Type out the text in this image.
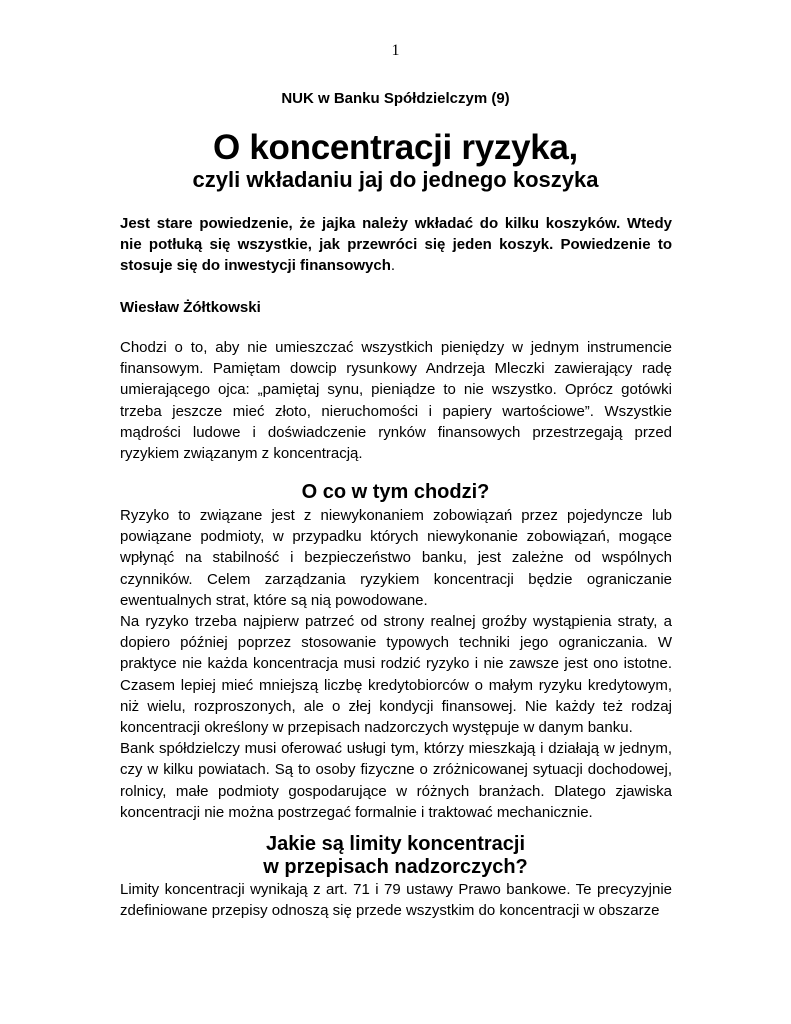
1
NUK w Banku Spółdzielczym (9)
O koncentracji ryzyka,
czyli wkładaniu jaj do jednego koszyka

Jest stare powiedzenie, że jajka należy wkładać do kilku koszyków. Wtedy nie potłuką się wszystkie, jak przewróci się jeden koszyk. Powiedzenie to stosuje się do inwestycji finansowych.

Wiesław Żółtkowski

Chodzi o to, aby nie umieszczać wszystkich pieniędzy w jednym instrumencie finansowym. Pamiętam dowcip rysunkowy Andrzeja Mleczki zawierający radę umierającego ojca: „pamiętaj synu, pieniądze to nie wszystko. Oprócz gotówki trzeba jeszcze mieć złoto, nieruchomości i papiery wartościowe”. Wszystkie mądrości ludowe i doświadczenie rynków finansowych przestrzegają przed ryzykiem związanym z koncentracją.

O co w tym chodzi?

Ryzyko to związane jest z niewykonaniem zobowiązań przez pojedyncze lub powiązane podmioty, w przypadku których niewykonanie zobowiązań, mogące wpłynąć na stabilność i bezpieczeństwo banku, jest zależne od wspólnych czynników. Celem zarządzania ryzykiem koncentracji będzie ograniczanie ewentualnych strat, które są nią powodowane.

Na ryzyko trzeba najpierw patrzeć od strony realnej groźby wystąpienia straty, a dopiero później poprzez stosowanie typowych techniki jego ograniczania. W praktyce nie każda koncentracja musi rodzić ryzyko i nie zawsze jest ono istotne. Czasem lepiej mieć mniejszą liczbę kredytobiorców o małym ryzyku kredytowym, niż wielu, rozproszonych, ale o złej kondycji finansowej. Nie każdy też rodzaj koncentracji określony w przepisach nadzorczych występuje w danym banku.

Bank spółdzielczy musi oferować usługi tym, którzy mieszkają i działają w jednym, czy w kilku powiatach. Są to osoby fizyczne o zróżnicowanej sytuacji dochodowej, rolnicy, małe podmioty gospodarujące w różnych branżach. Dlatego zjawiska koncentracji nie można postrzegać formalnie i traktować mechanicznie.

Jakie są limity koncentracji
w przepisach nadzorczych?

Limity koncentracji wynikają z art. 71 i 79 ustawy Prawo bankowe. Te precyzyjnie zdefiniowane przepisy odnoszą się przede wszystkim do koncentracji w obszarze
